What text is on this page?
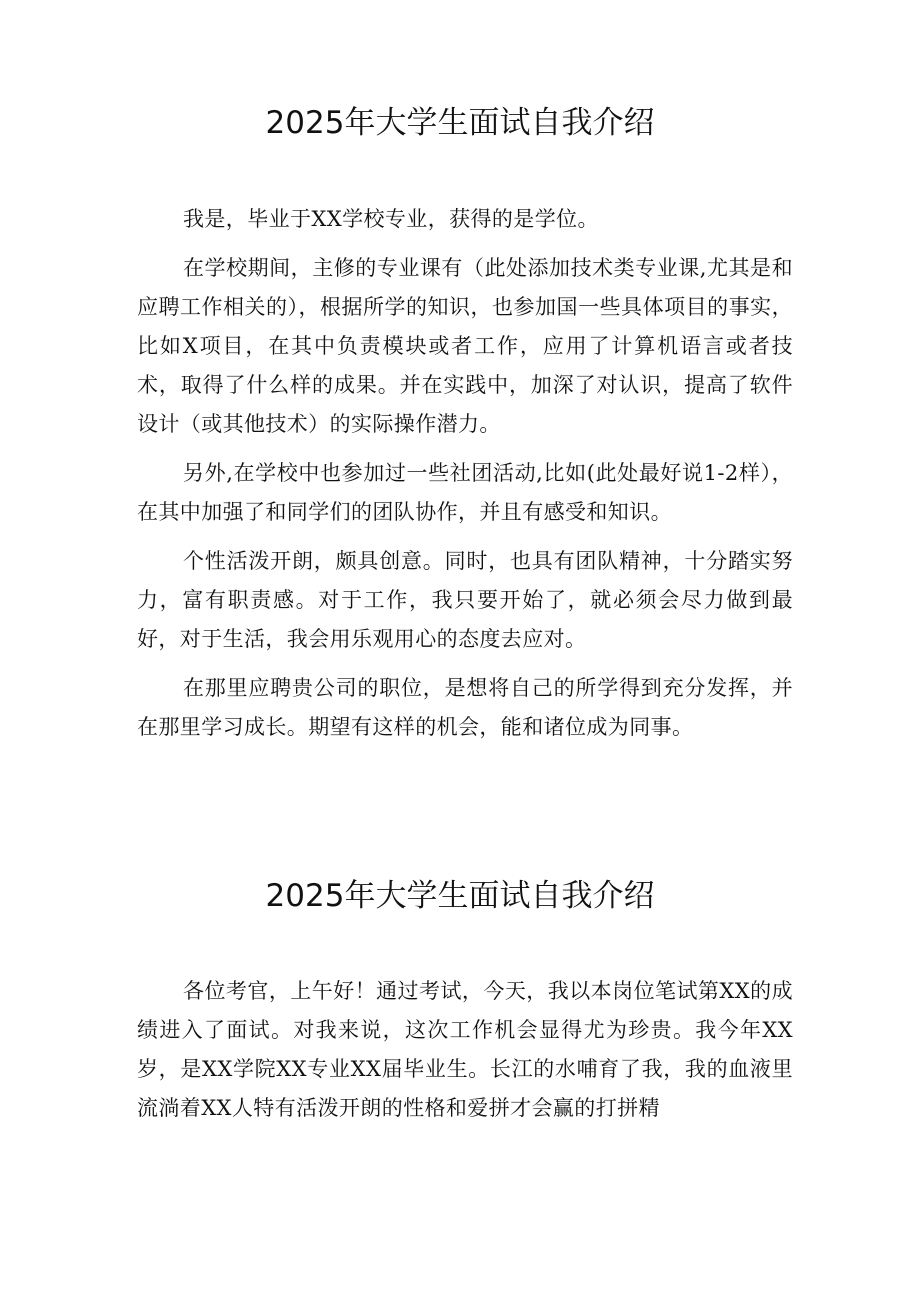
2025年大学生面试自我介绍

我是，毕业于XX学校专业，获得的是学位。

在学校期间，主修的专业课有（此处添加技术类专业课,尤其是和应聘工作相关的），根据所学的知识，也参加国一些具体项目的事实，比如X项目，在其中负责模块或者工作，应用了计算机语言或者技术，取得了什么样的成果。并在实践中，加深了对认识，提高了软件设计（或其他技术）的实际操作潜力。

另外,在学校中也参加过一些社团活动,比如(此处最好说1-2样），在其中加强了和同学们的团队协作，并且有感受和知识。

个性活泼开朗，颇具创意。同时，也具有团队精神，十分踏实努力，富有职责感。对于工作，我只要开始了，就必须会尽力做到最好，对于生活，我会用乐观用心的态度去应对。

在那里应聘贵公司的职位，是想将自己的所学得到充分发挥，并在那里学习成长。期望有这样的机会，能和诸位成为同事。

2025年大学生面试自我介绍

各位考官，上午好！通过考试，今天，我以本岗位笔试第XX的成绩进入了面试。对我来说，这次工作机会显得尤为珍贵。我今年XX岁，是XX学院XX专业XX届毕业生。长江的水哺育了我，我的血液里流淌着XX人特有活泼开朗的性格和爱拼才会赢的打拼精
